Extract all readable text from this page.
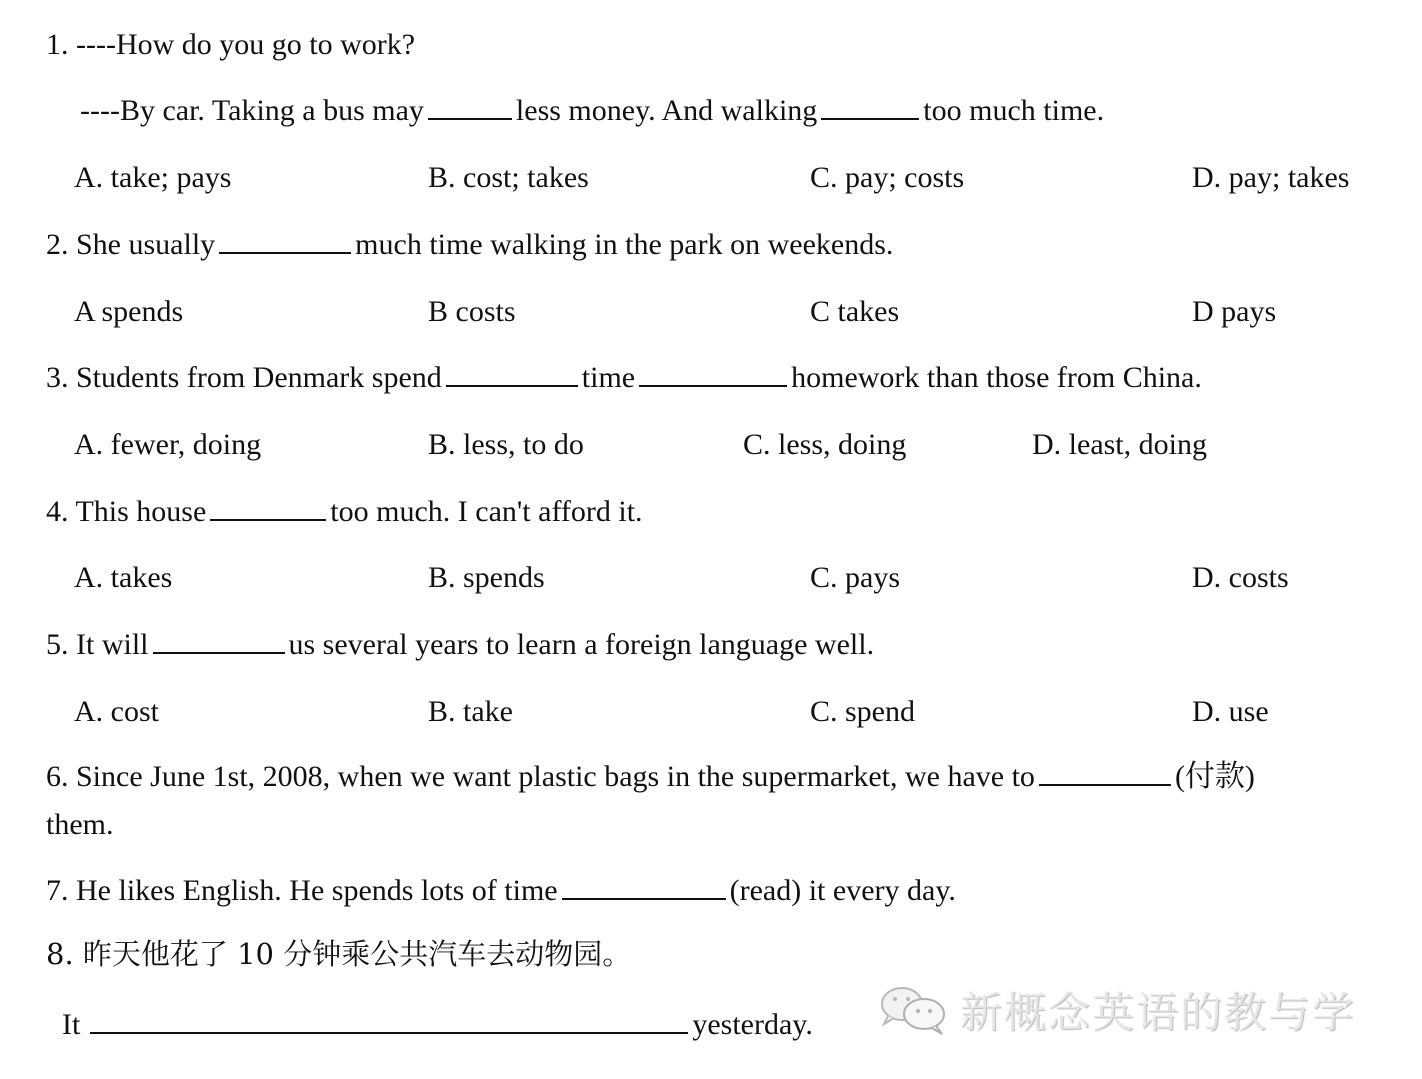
1. ----How do you go to work?
----By car. Taking a bus may	less money. And walking	too much time.
A. take; pays	B. cost; takes	C. pay; costs	D. pay; takes
2. She usually	much time walking in the park on weekends.
A spends	B costs	C takes	D pays
3. Students from Denmark spend	time	homework than those from China.
A. fewer, doing	B. less, to do	C. less, doing	D. least, doing
4. This house	too much. I can't afford it.
A. takes	B. spends	C. pays	D. costs
5. It will	us several years to learn a foreign language well.
A. cost	B. take	C. spend	D. use
6. Since June 1st, 2008, when we want plastic bags in the supermarket, we have to	(付款)
them.
7. He likes English. He spends lots of time	(read) it every day.
8. 昨天他花了 10 分钟乘公共汽车去动物园。
It	yesterday.	新概念英语的教与学
